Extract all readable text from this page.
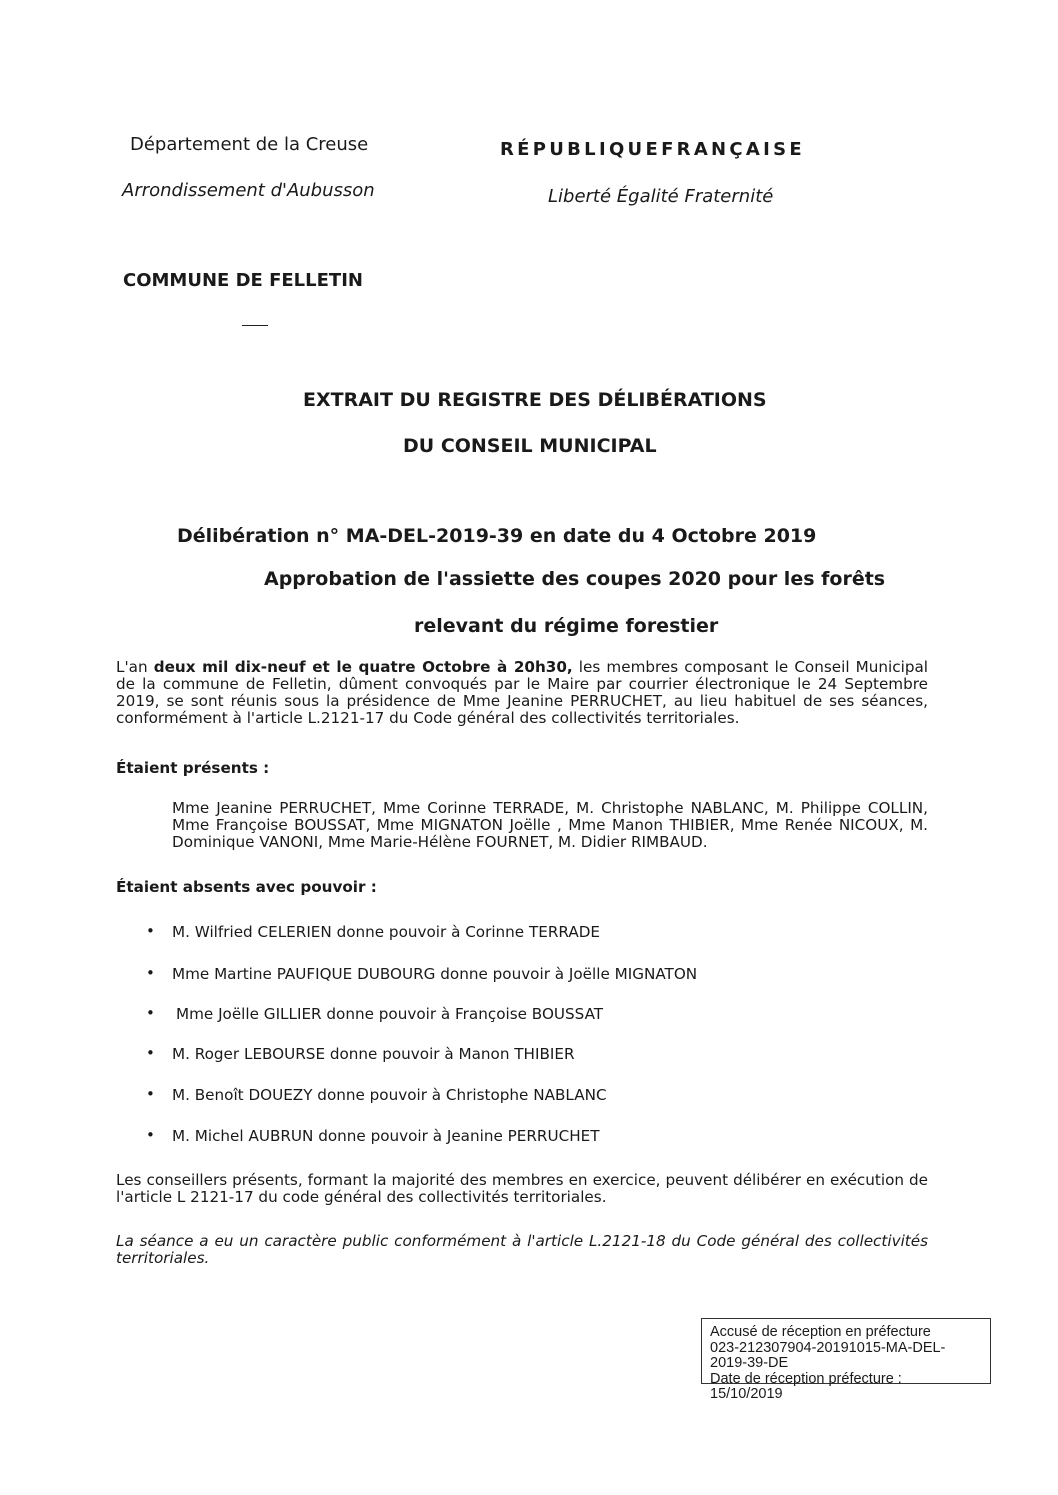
Département de la Creuse
Arrondissement d'Aubusson
RÉPUBLIQUEFRANÇAISE
Liberté Égalité Fraternité
COMMUNE DE FELLETIN
EXTRAIT DU REGISTRE DES DÉLIBÉRATIONS
DU CONSEIL MUNICIPAL
Délibération n° MA-DEL-2019-39 en date du 4 Octobre 2019
Approbation de l'assiette des coupes 2020 pour les forêts
relevant du régime forestier
L'an deux mil dix-neuf et le quatre Octobre à 20h30, les membres composant le Conseil Municipal de la commune de Felletin, dûment convoqués par le Maire par courrier électronique le 24 Septembre 2019, se sont réunis sous la présidence de Mme Jeanine PERRUCHET, au lieu habituel de ses séances, conformément à l'article L.2121-17 du Code général des collectivités territoriales.
Étaient présents :
Mme Jeanine PERRUCHET, Mme Corinne TERRADE, M. Christophe NABLANC, M. Philippe COLLIN, Mme Françoise BOUSSAT, Mme MIGNATON Joëlle , Mme Manon THIBIER, Mme Renée NICOUX, M. Dominique VANONI, Mme Marie-Hélène FOURNET, M. Didier RIMBAUD.
Étaient absents avec pouvoir :
• M. Wilfried CELERIEN donne pouvoir à Corinne TERRADE
• Mme Martine PAUFIQUE DUBOURG donne pouvoir à Joëlle MIGNATON
• Mme Joëlle GILLIER donne pouvoir à Françoise BOUSSAT
• M. Roger LEBOURSE donne pouvoir à Manon THIBIER
• M. Benoît DOUEZY donne pouvoir à Christophe NABLANC
• M. Michel AUBRUN donne pouvoir à Jeanine PERRUCHET
Les conseillers présents, formant la majorité des membres en exercice, peuvent délibérer en exécution de l'article L 2121-17 du code général des collectivités territoriales.
La séance a eu un caractère public conformément à l'article L.2121-18 du Code général des collectivités territoriales.
Accusé de réception en préfecture
023-212307904-20191015-MA-DEL-
2019-39-DE
Date de réception préfecture :
15/10/2019
